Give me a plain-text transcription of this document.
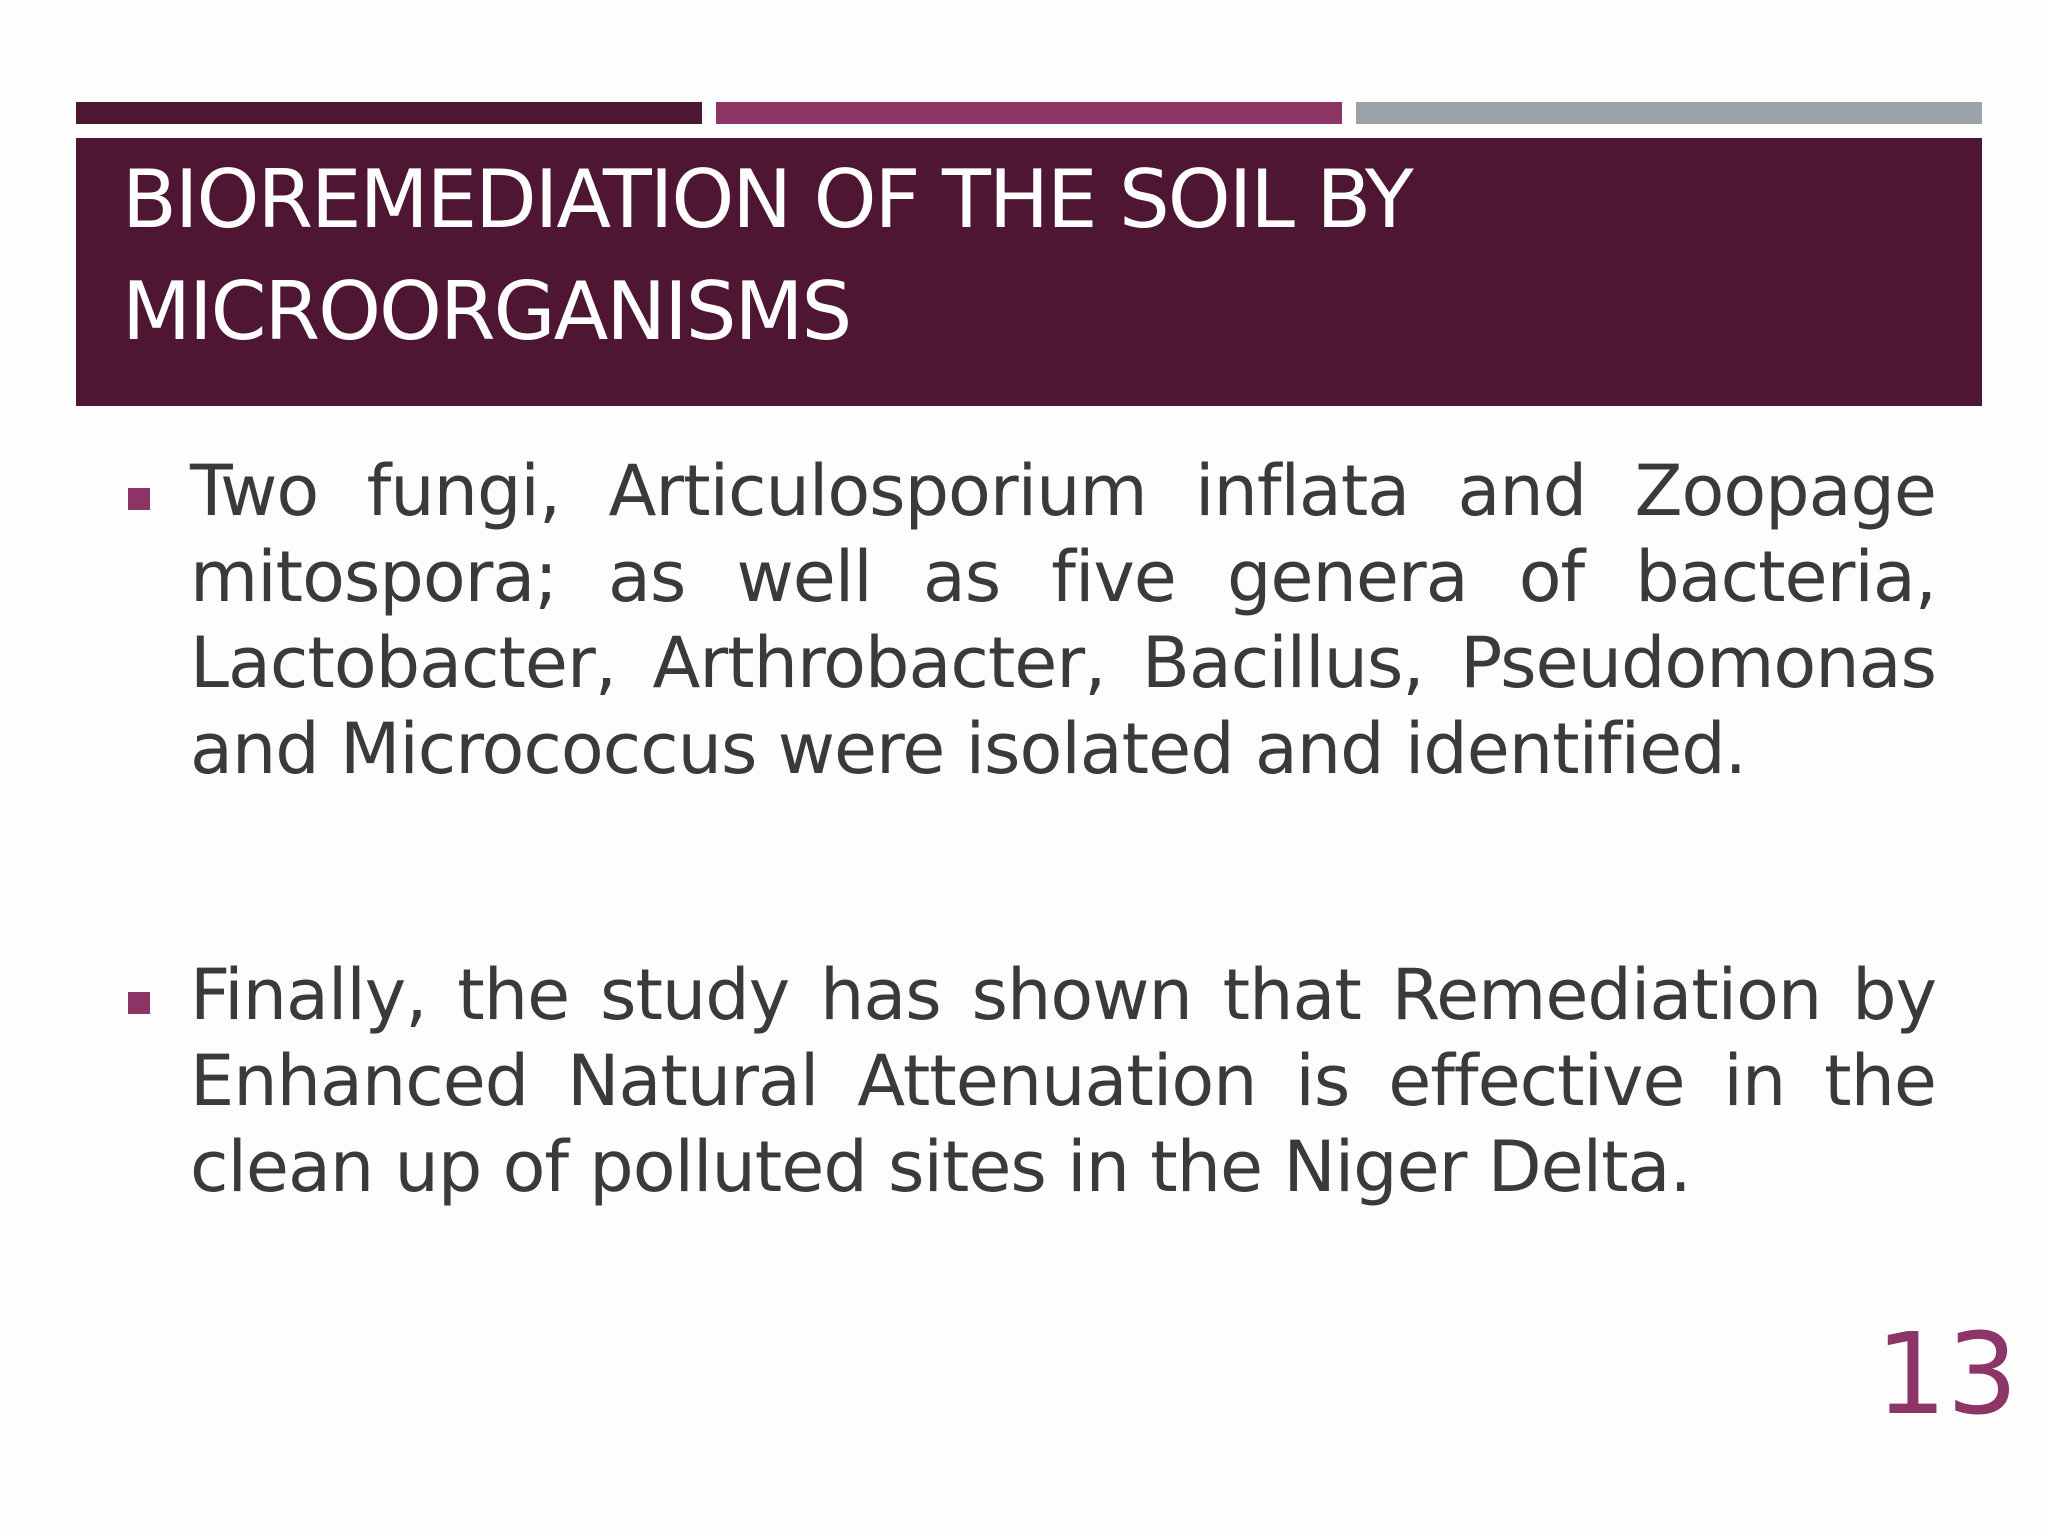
BIOREMEDIATION OF THE SOIL BY MICROORGANISMS
Two fungi, Articulosporium inflata and Zoopage mitospora; as well as five genera of bacteria, Lactobacter, Arthrobacter, Bacillus, Pseudomonas and Micrococcus were isolated and identified.
Finally, the study has shown that Remediation by Enhanced Natural Attenuation is effective in the clean up of polluted sites in the Niger Delta.
13
